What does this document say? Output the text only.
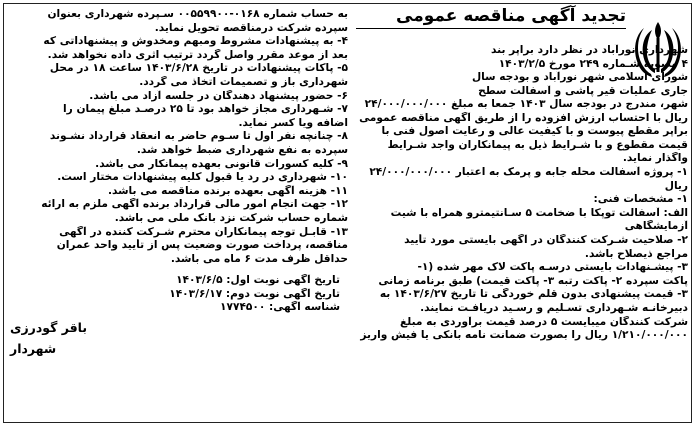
تجدید آگهی مناقصه عمومی
شهرداری نورآباد در نظر دارد براپر بند
۴ مصوبه شـماره ۲۴۹ مورخ ۱۴۰۳/۲/۵
شورای اسلامی شهر نورآباد و بودجه سال
جاری عملیات قیر پاشی و آسفالت سطح
شهر، مندرج در بودجه سال ۱۴۰۳ جمعا به مبلغ ۲۴/۰۰۰/۰۰۰/۰۰۰
ریال با احتساب ارزش افزوده را از طریق آگهی مناقصه عمومی
براپر مقطع پیوست و با کیفیت عالی و رعایت اصول فنی با
قیمت مقطوع و با شـرایط ذیل به پیمانکاران واجد شـرایط
واگذار نماید.
۱- پروژه آسفالت محله جابه و پرمک به اعتبار ۲۴/۰۰۰/۰۰۰/۰۰۰
ریال
۱- مشخصات فنی:
الف: آسفالت توپکا با ضخامت ۵ سـانتیمترو همراه با شیت
آزمایشگاهی
۲- صلاحیت شـرکت کنندگان در آگهی بایستی مورد تأیید
مراجع ذیصلاح باشد.
۳- پیشـنهادات بایستی درسـه پاکت لاک مهر شده (۱-
پاکت سپرده ۲- پاکت رتبه ۳- پاکت قیمت) طبق برنامه زمانی
۳- قیمت پیشنهادی بدون قلم خوردگی تا تاریخ ۱۴۰۳/۶/۲۷ به
دبیرخانـه شـهرداری تسـلیم و رسـید دریافـت نمایند.
شرکت کنندگان میبایست ۵ درصد قیمت برآوردی به مبلغ
۱/۲۱۰/۰۰۰/۰۰۰ ریال را بصورت ضمانت نامه بانکی یا فیش واریز
به حساب شماره ۰۱۶۸-۰۰۵۵۹۹۰۰ سـپرده شهرداری بعنوان
سپرده شرکت درمناقصه تحویل نماید.
۴- به پیشنهادات مشروط ومبهم ومخدوش و پیشنهاداتی که
بعد از موعد مقرر واصل گردد ترتیب اثری داده نخواهد شد.
۵- پاکات پیشنهادات در تاریخ ۱۴۰۳/۶/۲۸ ساعت ۱۸ در محل
شهرداری باز و تصمیمات اتخاذ می گردد.
۶- حضور پیشنهاد دهندگان در جلسه آزاد می باشد.
۷- شـهرداری مجاز خواهد بود تا ۲۵ درصـد مبلغ پیمان را
اضافه ویا کسر نماید.
۸- چنانچه نفر اول تا سـوم حاضر به انعقاد قرارداد نشـوند
سپرده به نفع شهرداری ضبط خواهد شد.
۹- کلیه کسورات قانونی بعهده پیمانکار می باشد.
۱۰- شهرداری در رد یا قبول کلیه پیشنهادات مختار است.
۱۱- هزینه آگهی بعهده برنده مناقصه می باشد.
۱۲- جهت انجام امور مالی قرارداد برنده آگهی ملزم به ارائه
شماره حساب شرکت نزد بانک ملی می باشد.
۱۳- قابـل توجه پیمانکاران محترم شـرکت کننده در آگهی
مناقصه، پرداخت صورت وضعیت پس از تأیید واحد عمران
حداقل ظرف مدت ۶ ماه می باشد.
تاریخ آگهی نوبت اول: ۱۴۰۳/۶/۵
تاریخ آگهی نوبت دوم: ۱۴۰۳/۶/۱۷
شناسه آگهی: ۱۷۷۴۵۰۰
باقر گودرزی
شهردار
